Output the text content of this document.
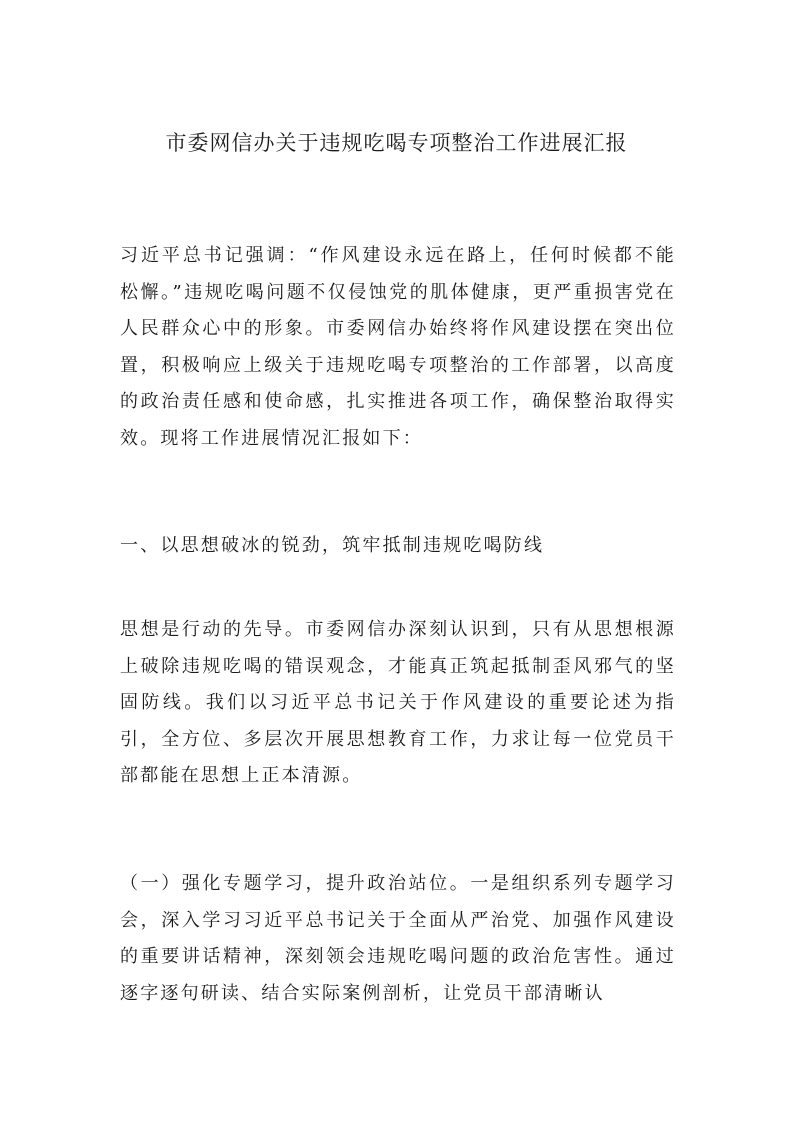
市委网信办关于违规吃喝专项整治工作进展汇报

习近平总书记强调：“作风建设永远在路上，任何时候都不能松懈。”违规吃喝问题不仅侵蚀党的肌体健康，更严重损害党在人民群众心中的形象。市委网信办始终将作风建设摆在突出位置，积极响应上级关于违规吃喝专项整治的工作部署，以高度的政治责任感和使命感，扎实推进各项工作，确保整治取得实效。现将工作进展情况汇报如下：

一、以思想破冰的锐劲，筑牢抵制违规吃喝防线

思想是行动的先导。市委网信办深刻认识到，只有从思想根源上破除违规吃喝的错误观念，才能真正筑起抵制歪风邪气的坚固防线。我们以习近平总书记关于作风建设的重要论述为指引，全方位、多层次开展思想教育工作，力求让每一位党员干部都能在思想上正本清源。

（一）强化专题学习，提升政治站位。一是组织系列专题学习会，深入学习习近平总书记关于全面从严治党、加强作风建设的重要讲话精神，深刻领会违规吃喝问题的政治危害性。通过逐字逐句研读、结合实际案例剖析，让党员干部清晰认
